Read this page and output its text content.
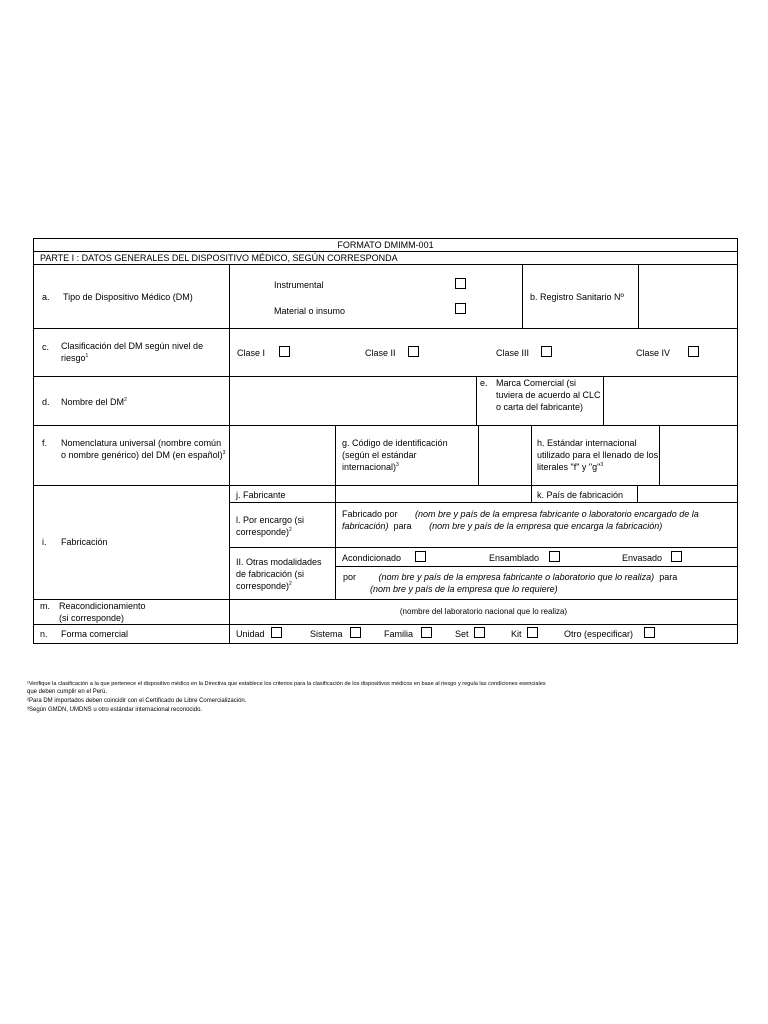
FORMATO DMIMM-001
PARTE I : DATOS GENERALES DEL DISPOSITIVO MÉDICO, SEGÚN CORRESPONDA
a. Tipo de Dispositivo Médico (DM)
Instrumental
Material o insumo
b. Registro Sanitario Nº
c. Clasificación del DM según nivel de riesgo$^1$	Clase I	Clase II	Clase III	Clase IV
d. Nombre del $DM^2$
e. Marca Comercial (si tuviera de acuerdo al CLC o carta del fabricante)
f. Nomenclatura universal (nombre común o nombre genérico) del DM (en español)$^3$
g. Código de identificación (según el estándar internacional)$^3$
h. Estándar internacional utilizado para el llenado de los literales "f" y "g"$^3$
i. Fabricación
j. Fabricante	k. País de fabricación
l. Por encargo (si corresponde)$^2$
Fabricado por (nom bre y país de la empresa fabricante o laboratorio encargado de la fabricación) para (nom bre y país de la empresa que encarga la fabricación)
II. Otras modalidades de fabricación (si corresponde)$^2$
Acondicionado	Ensamblado	Envasado
por	(nom bre y país de la empresa fabricante o laboratorio que lo realiza) para
(nom bre y país de la empresa que lo requiere)
m. Reacondicionamiento
(si corresponde)
(nombre del laboratorio nacional que lo realiza)
n. Forma comercial	Unidad	Sistema	Familia	Set	Kit	Otro (especificar)
¹Verifique la clasificación a la que pertenece el dispositivo médico en la Directiva que establece los criterios para la clasificación de los dispositivos médicos en base al riesgo y regula las condiciones esenciales
que deben cumplir en el Perú.
²Para DM importados deben coincidir con el Certificado de Libre Comercialización.
³Según GMDN, UMDNS u otro estándar internacional reconocido.
